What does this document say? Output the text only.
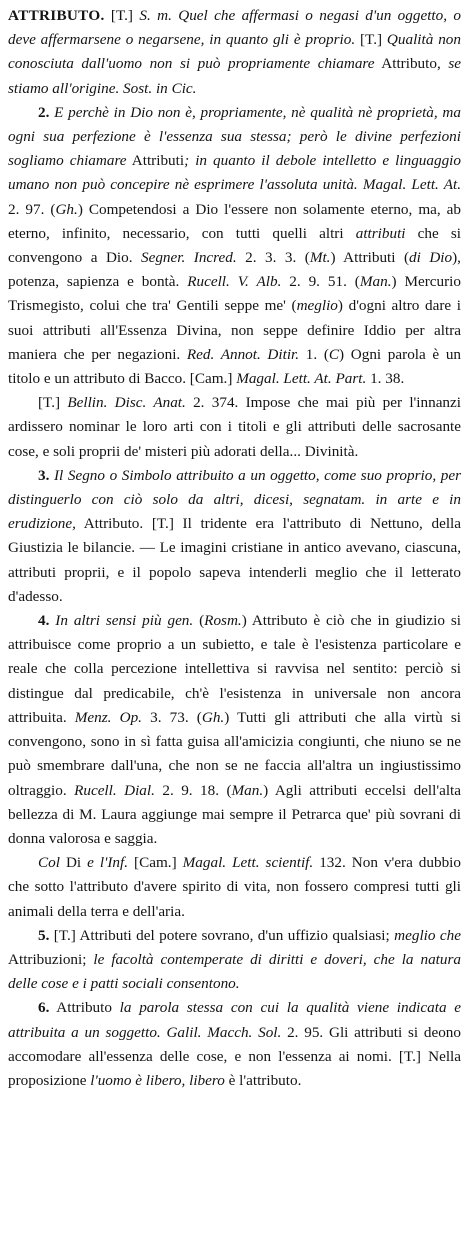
ATTRIBUTO. [T.] S. m. Quel che affermasi o negasi d'un oggetto, o deve affermarsene o negarsene, in quanto gli è proprio. [T.] Qualità non conosciuta dall'uomo non si può propriamente chiamare Attributo, se stiamo all'origine. Sost. in Cic.

2. E perchè in Dio non è, propriamente, nè qualità nè proprietà, ma ogni sua perfezione è l'essenza sua stessa; però le divine perfezioni sogliamo chiamare Attributi; in quanto il debole intelletto e linguaggio umano non può concepire nè esprimere l'assoluta unità. Magal. Lett. At. 2. 97. (Gh.) Competendosi a Dio l'essere non solamente eterno, ma, ab eterno, infinito, necessario, con tutti quelli altri attributi che si convengono a Dio. Segner. Incred. 2. 3. 3. (Mt.) Attributi (di Dio), potenza, sapienza e bontà. Rucell. V. Alb. 2. 9. 51. (Man.) Mercurio Trismegisto, colui che tra' Gentili seppe me' (meglio) d'ogni altro dare i suoi attributi all'Essenza Divina, non seppe definire Iddio per altra maniera che per negazioni. Red. Annot. Ditir. 1. (C) Ogni parola è un titolo e un attributo di Bacco. [Cam.] Magal. Lett. At. Part. 1. 38.

[T.] Bellin. Disc. Anat. 2. 374. Impose che mai più per l'innanzi ardissero nominar le loro arti con i titoli e gli attributi delle sacrosante cose, e soli proprii de' misteri più adorati della... Divinità.

3. Il Segno o Simbolo attribuito a un oggetto, come suo proprio, per distinguerlo con ciò solo da altri, dicesi, segnatam. in arte e in erudizione, Attributo. [T.] Il tridente era l'attributo di Nettuno, della Giustizia le bilancie. — Le imagini cristiane in antico avevano, ciascuna, attributi proprii, e il popolo sapeva intenderli meglio che il letterato d'adesso.

4. In altri sensi più gen. (Rosm.) Attributo è ciò che in giudizio si attribuisce come proprio a un subietto, e tale è l'esistenza particolare e reale che colla percezione intellettiva si ravvisa nel sentito: perciò si distingue dal predicabile, ch'è l'esistenza in universale non ancora attribuita. Menz. Op. 3. 73. (Gh.) Tutti gli attributi che alla virtù si convengono, sono in sì fatta guisa all'amicizia congiunti, che niuno se ne può smembrare dall'una, che non se ne faccia all'altra un ingiustissimo oltraggio. Rucell. Dial. 2. 9. 18. (Man.) Agli attributi eccelsi dell'alta bellezza di M. Laura aggiunge mai sempre il Petrarca que' più sovrani di donna valorosa e saggia.

Col Di e l'Inf. [Cam.] Magal. Lett. scientif. 132. Non v'era dubbio che sotto l'attributo d'avere spirito di vita, non fossero compresi tutti gli animali della terra e dell'aria.

5. [T.] Attributi del potere sovrano, d'un uffizio qualsiasi; meglio che Attribuzioni; le facoltà contemperate di diritti e doveri, che la natura delle cose e i patti sociali consentono.

6. Attributo la parola stessa con cui la qualità viene indicata e attribuita a un soggetto. Galil. Macch. Sol. 2. 95. Gli attributi si deono accomodare all'essenza delle cose, e non l'essenza ai nomi. [T.] Nella proposizione l'uomo è libero, libero è l'attributo.
